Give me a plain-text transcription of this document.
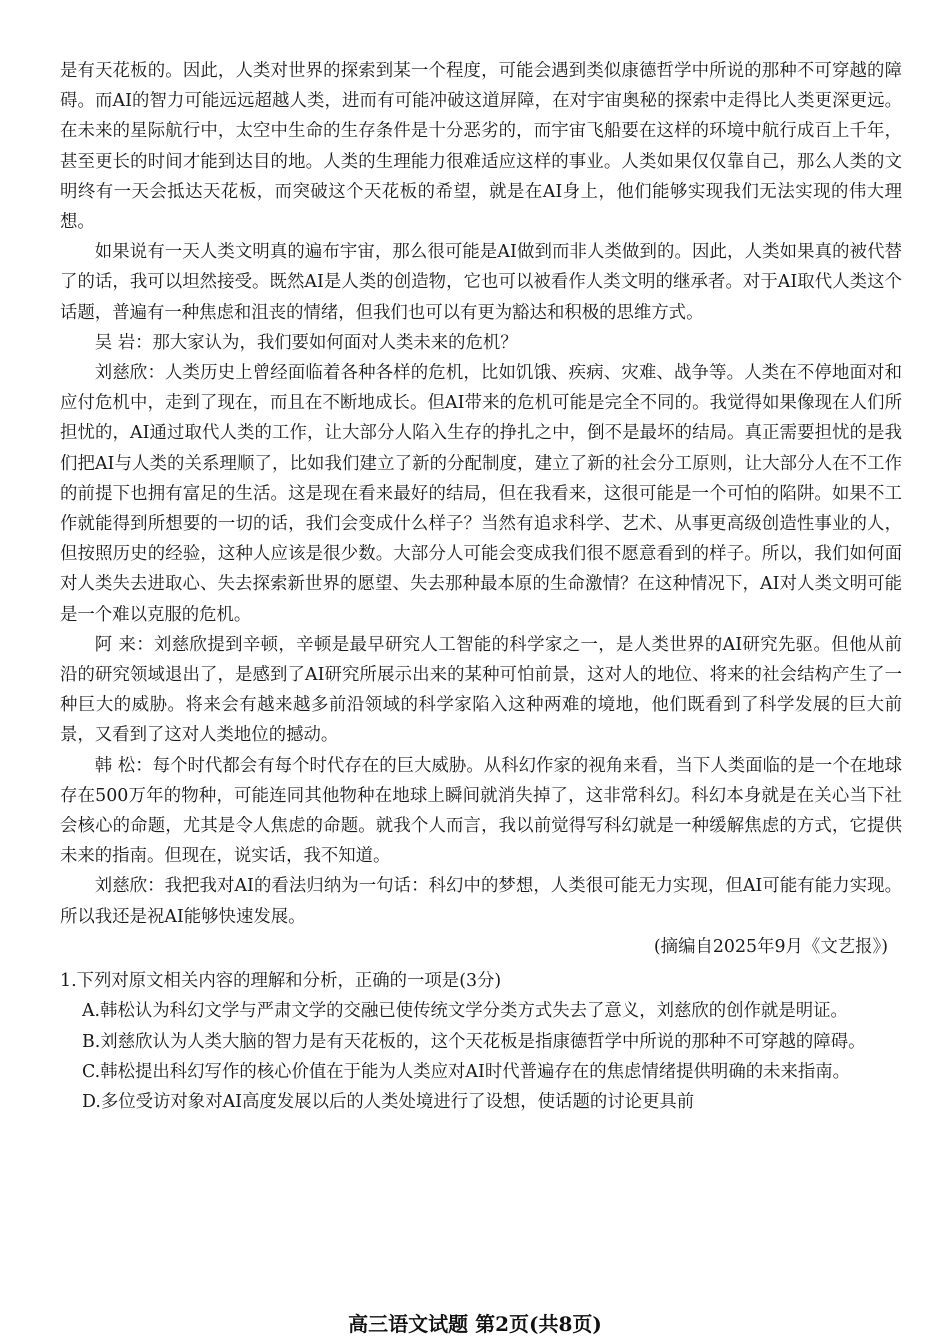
是有天花板的。因此，人类对世界的探索到某一个程度，可能会遇到类似康德哲学中所说的那种不可穿越的障碍。而AI的智力可能远远超越人类，进而有可能冲破这道屏障，在对宇宙奥秘的探索中走得比人类更深更远。在未来的星际航行中，太空中生命的生存条件是十分恶劣的，而宇宙飞船要在这样的环境中航行成百上千年，甚至更长的时间才能到达目的地。人类的生理能力很难适应这样的事业。人类如果仅仅靠自己，那么人类的文明终有一天会抵达天花板，而突破这个天花板的希望，就是在AI身上，他们能够实现我们无法实现的伟大理想。

如果说有一天人类文明真的遍布宇宙，那么很可能是AI做到而非人类做到的。因此，人类如果真的被代替了的话，我可以坦然接受。既然AI是人类的创造物，它也可以被看作人类文明的继承者。对于AI取代人类这个话题，普遍有一种焦虑和沮丧的情绪，但我们也可以有更为豁达和积极的思维方式。

吴 岩：那大家认为，我们要如何面对人类未来的危机？

刘慈欣：人类历史上曾经面临着各种各样的危机，比如饥饿、疾病、灾难、战争等。人类在不停地面对和应付危机中，走到了现在，而且在不断地成长。但AI带来的危机可能是完全不同的。我觉得如果像现在人们所担忧的，AI通过取代人类的工作，让大部分人陷入生存的挣扎之中，倒不是最坏的结局。真正需要担忧的是我们把AI与人类的关系理顺了，比如我们建立了新的分配制度，建立了新的社会分工原则，让大部分人在不工作的前提下也拥有富足的生活。这是现在看来最好的结局，但在我看来，这很可能是一个可怕的陷阱。如果不工作就能得到所想要的一切的话，我们会变成什么样子？当然有追求科学、艺术、从事更高级创造性事业的人，但按照历史的经验，这种人应该是很少数。大部分人可能会变成我们很不愿意看到的样子。所以，我们如何面对人类失去进取心、失去探索新世界的愿望、失去那种最本原的生命激情？在这种情况下，AI对人类文明可能是一个难以克服的危机。

阿 来：刘慈欣提到辛顿，辛顿是最早研究人工智能的科学家之一，是人类世界的AI研究先驱。但他从前沿的研究领域退出了，是感到了AI研究所展示出来的某种可怕前景，这对人的地位、将来的社会结构产生了一种巨大的威胁。将来会有越来越多前沿领域的科学家陷入这种两难的境地，他们既看到了科学发展的巨大前景，又看到了这对人类地位的撼动。

韩 松：每个时代都会有每个时代存在的巨大威胁。从科幻作家的视角来看，当下人类面临的是一个在地球存在500万年的物种，可能连同其他物种在地球上瞬间就消失掉了，这非常科幻。科幻本身就是在关心当下社会核心的命题，尤其是令人焦虑的命题。就我个人而言，我以前觉得写科幻就是一种缓解焦虑的方式，它提供未来的指南。但现在，说实话，我不知道。

刘慈欣：我把我对AI的看法归纳为一句话：科幻中的梦想，人类很可能无力实现，但AI可能有能力实现。所以我还是祝AI能够快速发展。

(摘编自2025年9月《文艺报》)

1.下列对原文相关内容的理解和分析，正确的一项是(3分)

A.韩松认为科幻文学与严肃文学的交融已使传统文学分类方式失去了意义，刘慈欣的创作就是明证。

B.刘慈欣认为人类大脑的智力是有天花板的，这个天花板是指康德哲学中所说的那种不可穿越的障碍。

C.韩松提出科幻写作的核心价值在于能为人类应对AI时代普遍存在的焦虑情绪提供明确的未来指南。

D.多位受访对象对AI高度发展以后的人类处境进行了设想，使话题的讨论更具前

高三语文试题 第2页(共8页)
